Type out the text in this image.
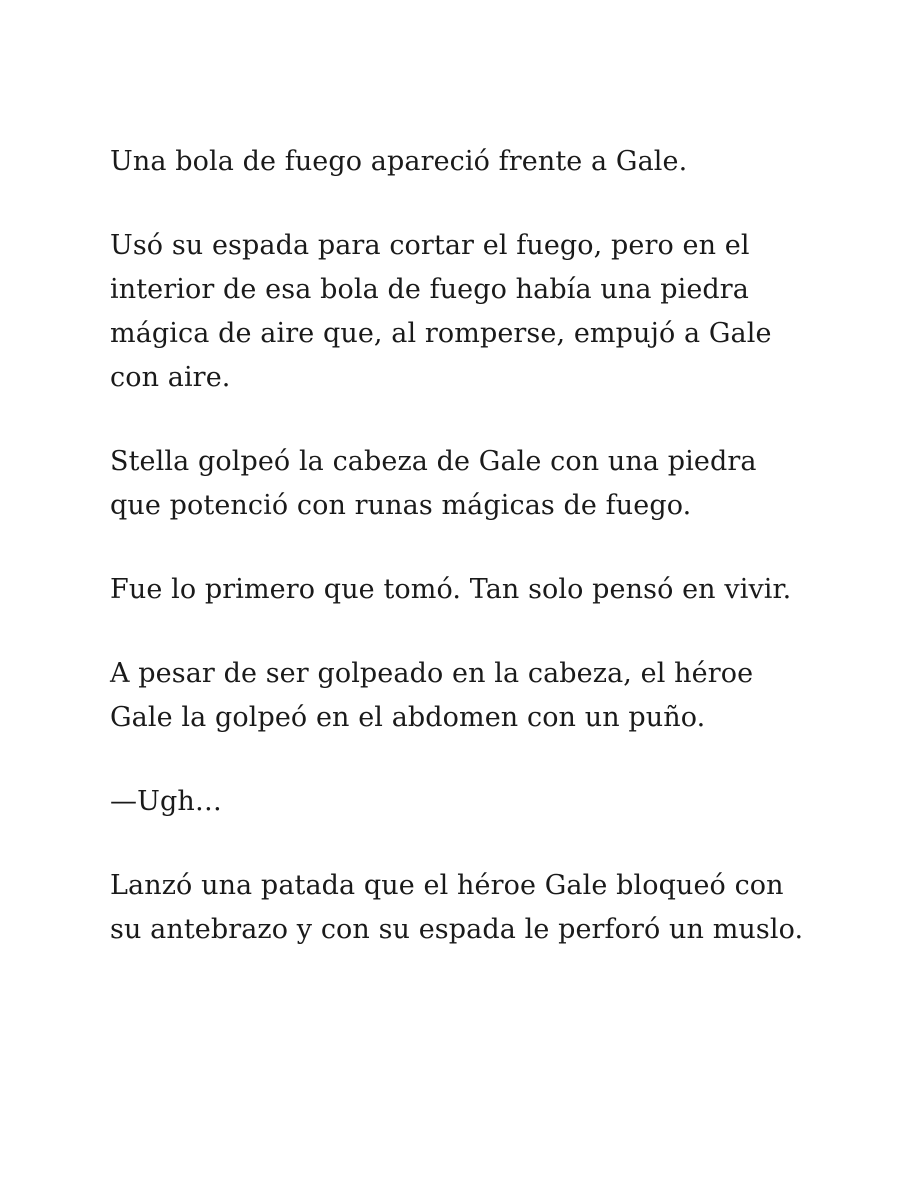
Una bola de fuego apareció frente a Gale.

Usó su espada para cortar el fuego, pero en el interior de esa bola de fuego había una piedra mágica de aire que, al romperse, empujó a Gale con aire.

Stella golpeó la cabeza de Gale con una piedra que potenció con runas mágicas de fuego.

Fue lo primero que tomó. Tan solo pensó en vivir.

A pesar de ser golpeado en la cabeza, el héroe Gale la golpeó en el abdomen con un puño.

—Ugh…

Lanzó una patada que el héroe Gale bloqueó con su antebrazo y con su espada le perforó un muslo.
